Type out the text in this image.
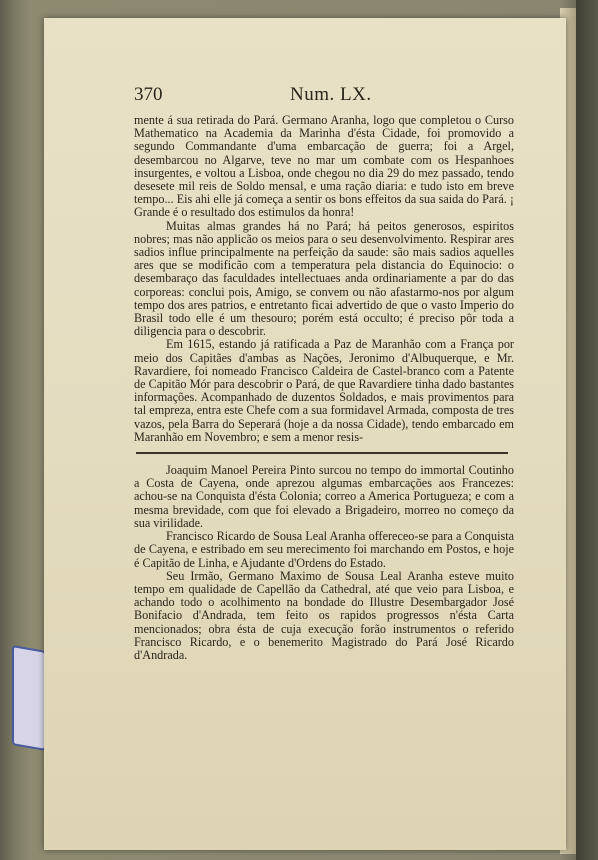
370	Num. LX.

mente á sua retirada do Pará. Germano Aranha, logo que completou o Curso Mathematico na Academia da Marinha d'ésta Cidade, foi promovido a segundo Commandante d'uma embarcação de guerra; foi a Argel, desembarcou no Algarve, teve no mar um combate com os Hespanhoes insurgentes, e voltou a Lisboa, onde chegou no dia 29 do mez passado, tendo desesete mil reis de Soldo mensal, e uma ração diaria: e tudo isto em breve tempo... Eis ahi elle já começa a sentir os bons effeitos da sua saida do Pará. ¡ Grande é o resultado dos estimulos da honra!

Muitas almas grandes há no Pará; há peitos generosos, espiritos nobres; mas não applicão os meios para o seu desenvolvimento. Respirar ares sadios influe principalmente na perfeição da saude: são mais sadios aquelles ares que se modificão com a temperatura pela distancia do Equinocio: o desembaraço das faculdades intellectuaes anda ordinariamente a par do das corporeas: conclui pois, Amigo, se convem ou não afastarmo-nos por algum tempo dos ares patrios, e entretanto ficai advertido de que o vasto Imperio do Brasil todo elle é um thesouro; porém está occulto; é preciso pôr toda a diligencia para o descobrir.

Em 1615, estando já ratificada a Paz de Maranhão com a França por meio dos Capitães d'ambas as Nações, Jeronimo d'Albuquerque, e Mr. Ravardiere, foi nomeado Francisco Caldeira de Castel-branco com a Patente de Capitão Mór para descobrir o Pará, de que Ravardiere tinha dado bastantes informações. Acompanhado de duzentos Soldados, e mais provimentos para tal empreza, entra este Chefe com a sua formidavel Armada, composta de tres vazos, pela Barra do Seperará (hoje a da nossa Cidade), tendo embarcado em Maranhão em Novembro; e sem a menor resis-

Joaquim Manoel Pereira Pinto surcou no tempo do immortal Coutinho a Costa de Cayena, onde aprezou algumas embarcações aos Francezes: achou-se na Conquista d'ésta Colonia; correo a America Portugueza; e com a mesma brevidade, com que foi elevado a Brigadeiro, morreo no começo da sua virilidade.

Francisco Ricardo de Sousa Leal Aranha offereceo-se para a Conquista de Cayena, e estribado em seu merecimento foi marchando em Postos, e hoje é Capitão de Linha, e Ajudante d'Ordens do Estado.

Seu Irmão, Germano Maximo de Sousa Leal Aranha esteve muito tempo em qualidade de Capellão da Cathedral, até que veio para Lisboa, e achando todo o acolhimento na bondade do Illustre Desembargador José Bonifacio d'Andrada, tem feito os rapidos progressos n'ésta Carta mencionados; obra ésta de cuja execução forão instrumentos o referido Francisco Ricardo, e o benemerito Magistrado do Pará José Ricardo d'Andrada.
